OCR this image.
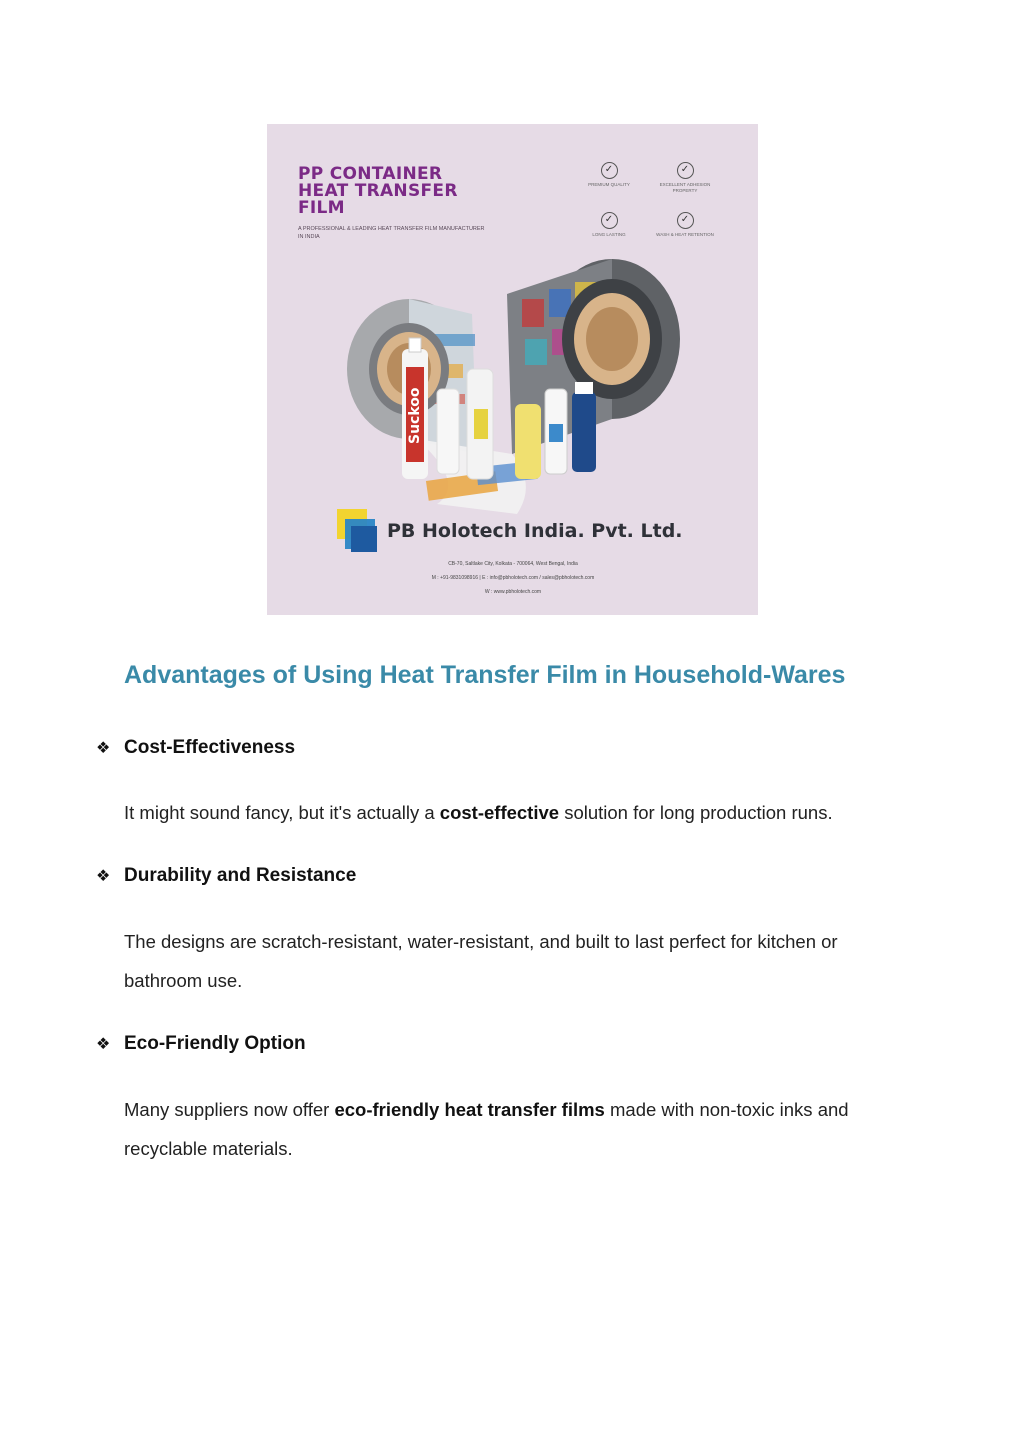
PP CONTAINER
HEAT TRANSFER
FILM
A PROFESSIONAL & LEADING HEAT TRANSFER FILM MANUFACTURER IN INDIA
✓
PREMIUM QUALITY
✓
EXCELLENT ADHESION PROPERTY
✓
LONG LASTING
✓
WASH & HEAT RETENTION
Suckoo
PB Holotech India. Pvt. Ltd.
CB-70, Saltlake City, Kolkata - 700064, West Bengal, India
M : +91-9831098916 | E : info@pbholotech.com / sales@pbholotech.com
W : www.pbholotech.com
Advantages of Using Heat Transfer Film in Household-Wares
❖ Cost-Effectiveness

It might sound fancy, but it's actually a cost-effective solution for long production runs.

❖ Durability and Resistance

The designs are scratch-resistant, water-resistant, and built to last perfect for kitchen or bathroom use.

❖ Eco-Friendly Option

Many suppliers now offer eco-friendly heat transfer films made with non-toxic inks and recyclable materials.
